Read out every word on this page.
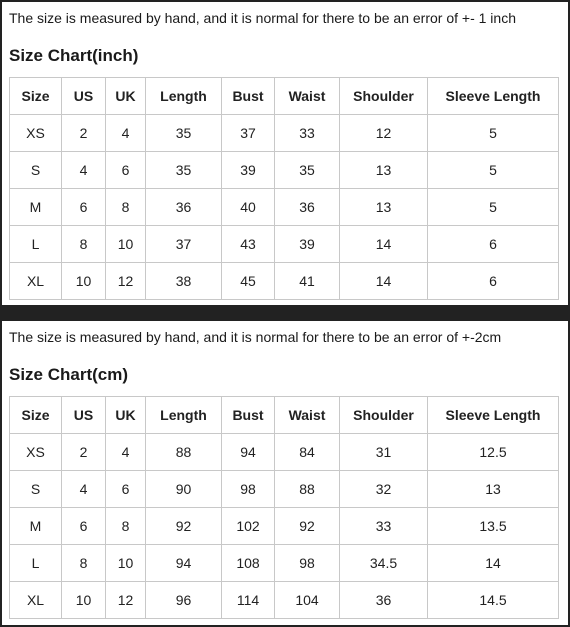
The size is measured by hand, and it is normal for there to be an error of +- 1 inch
Size Chart(inch)
Size	US	UK	Length	Bust	Waist	Shoulder	Sleeve Length
XS	2	4	35	37	33	12	5
S	4	6	35	39	35	13	5
M	6	8	36	40	36	13	5
L	8	10	37	43	39	14	6
XL	10	12	38	45	41	14	6
The size is measured by hand, and it is normal for there to be an error of +-2cm
Size Chart(cm)
Size	US	UK	Length	Bust	Waist	Shoulder	Sleeve Length
XS	2	4	88	94	84	31	12.5
S	4	6	90	98	88	32	13
M	6	8	92	102	92	33	13.5
L	8	10	94	108	98	34.5	14
XL	10	12	96	114	104	36	14.5
